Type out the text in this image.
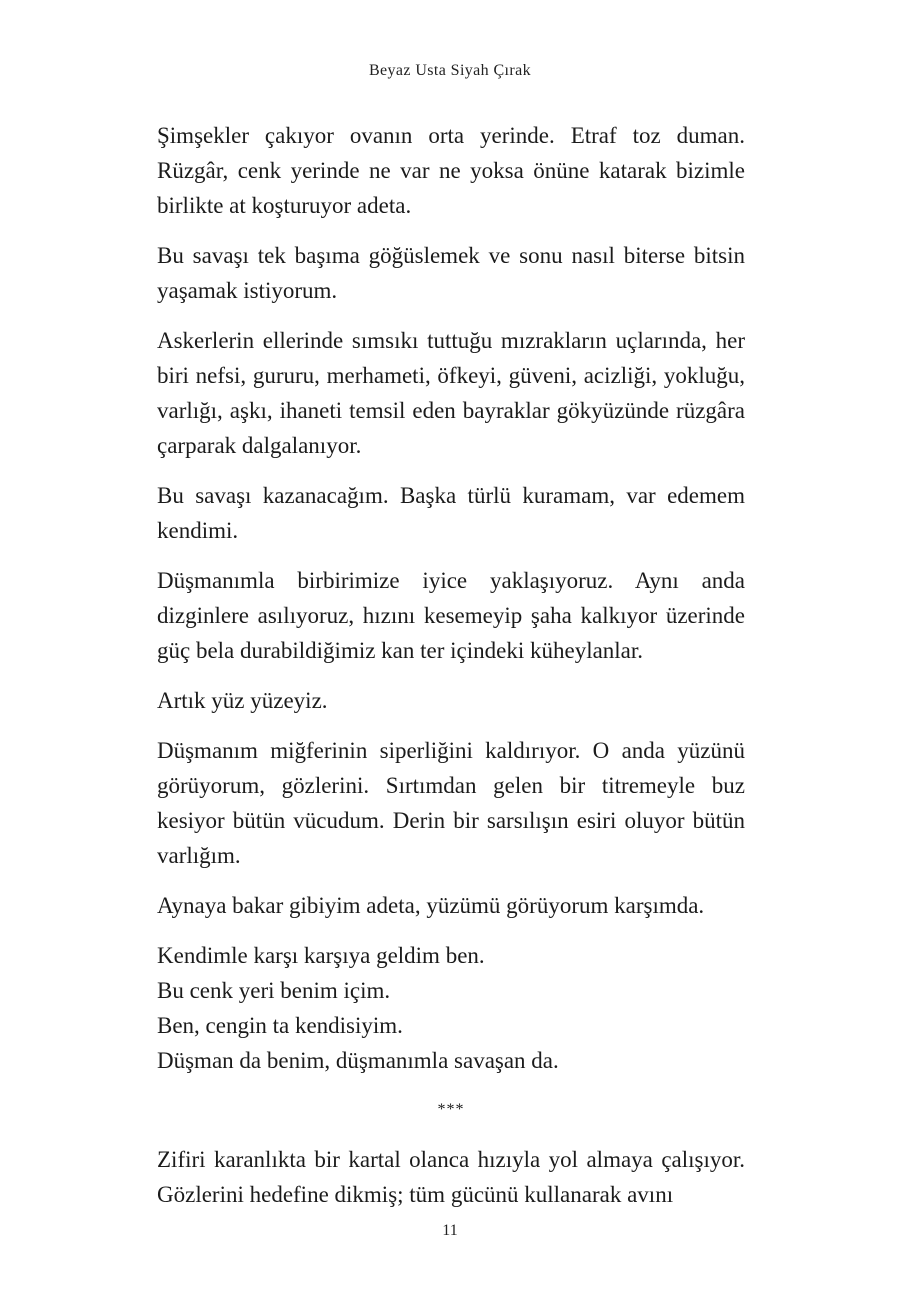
Beyaz Usta Siyah Çırak

Şimşekler çakıyor ovanın orta yerinde. Etraf toz duman. Rüzgâr, cenk yerinde ne var ne yoksa önüne katarak bizimle birlikte at koşturuyor adeta.

Bu savaşı tek başıma göğüslemek ve sonu nasıl biterse bitsin yaşamak istiyorum.

Askerlerin ellerinde sımsıkı tuttuğu mızrakların uçlarında, her biri nefsi, gururu, merhameti, öfkeyi, güveni, acizliği, yokluğu, varlığı, aşkı, ihaneti temsil eden bayraklar gökyüzünde rüzgâra çarparak dalgalanıyor.

Bu savaşı kazanacağım. Başka türlü kuramam, var edemem kendimi.

Düşmanımla birbirimize iyice yaklaşıyoruz. Aynı anda dizginlere asılıyoruz, hızını kesemeyip şaha kalkıyor üzerinde güç bela durabildiğimiz kan ter içindeki küheylanlar.

Artık yüz yüzeyiz.

Düşmanım miğferinin siperliğini kaldırıyor. O anda yüzünü görüyorum, gözlerini. Sırtımdan gelen bir titremeyle buz kesiyor bütün vücudum. Derin bir sarsılışın esiri oluyor bütün varlığım.

Aynaya bakar gibiyim adeta, yüzümü görüyorum karşımda.

Kendimle karşı karşıya geldim ben.
Bu cenk yeri benim içim.
Ben, cengin ta kendisiyim.
Düşman da benim, düşmanımla savaşan da.
***

Zifiri karanlıkta bir kartal olanca hızıyla yol almaya çalışıyor. Gözlerini hedefine dikmiş; tüm gücünü kullanarak avını

11
